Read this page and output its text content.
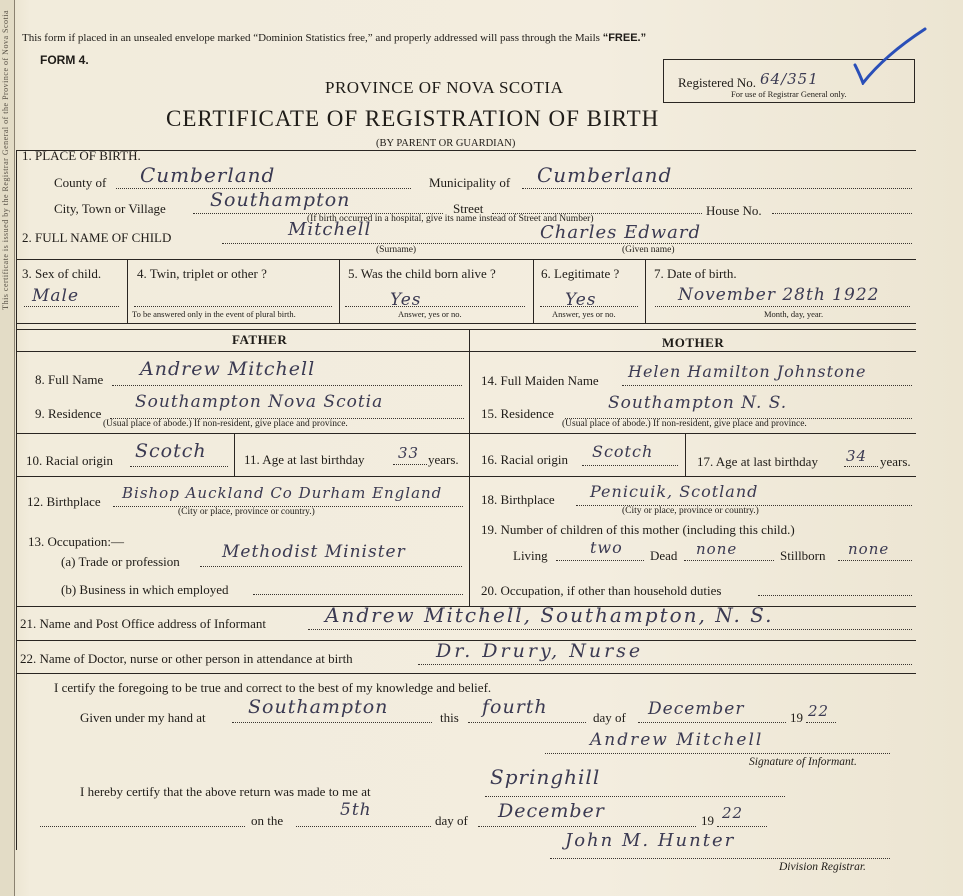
This certificate is issued by the Registrar General of the Province of Nova Scotia This form if placed in an unsealed envelope marked “Dominion Statistics free,” and properly addressed will pass through the Mails “FREE.”
FORM 4.
PROVINCE OF NOVA SCOTIA
CERTIFICATE OF REGISTRATION OF BIRTH
(BY PARENT OR GUARDIAN)
Registered No. 64/351
For use of Registrar General only.
1. PLACE OF BIRTH.
County of Cumberland	Municipality of Cumberland
City, Town or Village Southampton	Street	House No.
(If birth occurred in a hospital, give its name instead of Street and Number)
2. FULL NAME OF CHILD	Mitchell	Charles Edward
(Surname)	(Given name)
3. Sex of child.
Male
4. Twin, triplet or other ?
To be answered only in the event of plural birth.
5. Was the child born alive ?
Yes
Answer, yes or no.
6. Legitimate ?
Yes
Answer, yes or no.
7. Date of birth.
November 28th 1922
Month, day, year.
FATHER	MOTHER
8. Full Name Andrew Mitchell
9. Residence
Southampton Nova Scotia
(Usual place of abode.) If non-resident, give place and province.
10. Racial origin Scotch	11. Age at last birthday 33 years.
12. Birthplace Bishop Auckland Co Durham England
(City or place, province or country.)
13. Occupation:—
(a) Trade or profession Methodist Minister
(b) Business in which employed
14. Full Maiden Name Helen Hamilton Johnstone
15. Residence
Southampton N. S.
(Usual place of abode.) If non-resident, give place and province.
16. Racial origin Scotch
17. Age at last birthday 34 years.
18. Birthplace Penicuik, Scotland
(City or place, province or country.)
19. Number of children of this mother (including this child.)
Living	two Dead none	Stillborn none
20. Occupation, if other than household duties
21. Name and Post Office address of Informant	Andrew Mitchell, Southampton, N. S.
22. Name of Doctor, nurse or other person in attendance at birth	Dr. Drury, Nurse
I certify the foregoing to be true and correct to the best of my knowledge and belief.
Given under my hand at Southampton	this fourth	day of December	19 22
Andrew Mitchell
Signature of Informant.
I hereby certify that the above return was made to me at
Springhill
on the
5th
day of December	19 22
John M. Hunter
Division Registrar.
